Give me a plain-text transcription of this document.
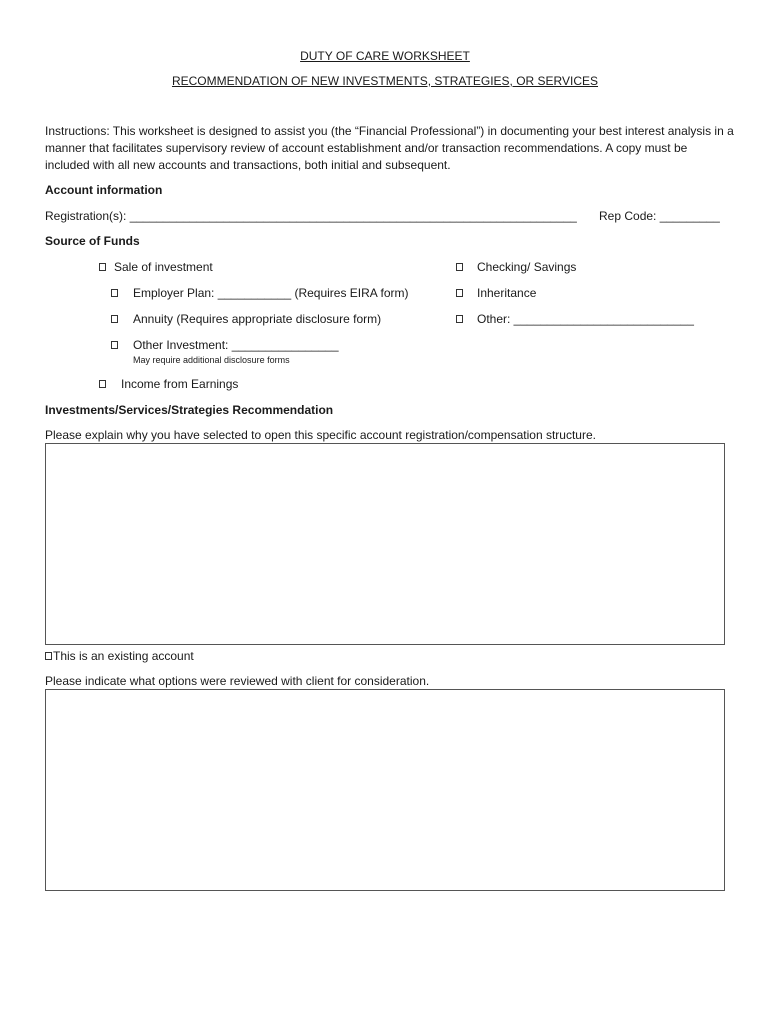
DUTY OF CARE WORKSHEET
RECOMMENDATION OF NEW INVESTMENTS, STRATEGIES, OR SERVICES
Instructions: This worksheet is designed to assist you (the “Financial Professional”) in documenting your best interest analysis in a manner that facilitates supervisory review of account establishment and/or transaction recommendations. A copy must be included with all new accounts and transactions, both initial and subsequent.
Account information
Registration(s): ___________________________________________________________________ Rep Code: _________
Source of Funds
Sale of investment
Employer Plan: ___________ (Requires EIRA form)
Annuity (Requires appropriate disclosure form)
Other Investment: ________________
May require additional disclosure forms
Income from Earnings
Checking/ Savings
Inheritance
Other: ___________________________
Investments/Services/Strategies Recommendation
Please explain why you have selected to open this specific account registration/compensation structure.
This is an existing account
Please indicate what options were reviewed with client for consideration.
